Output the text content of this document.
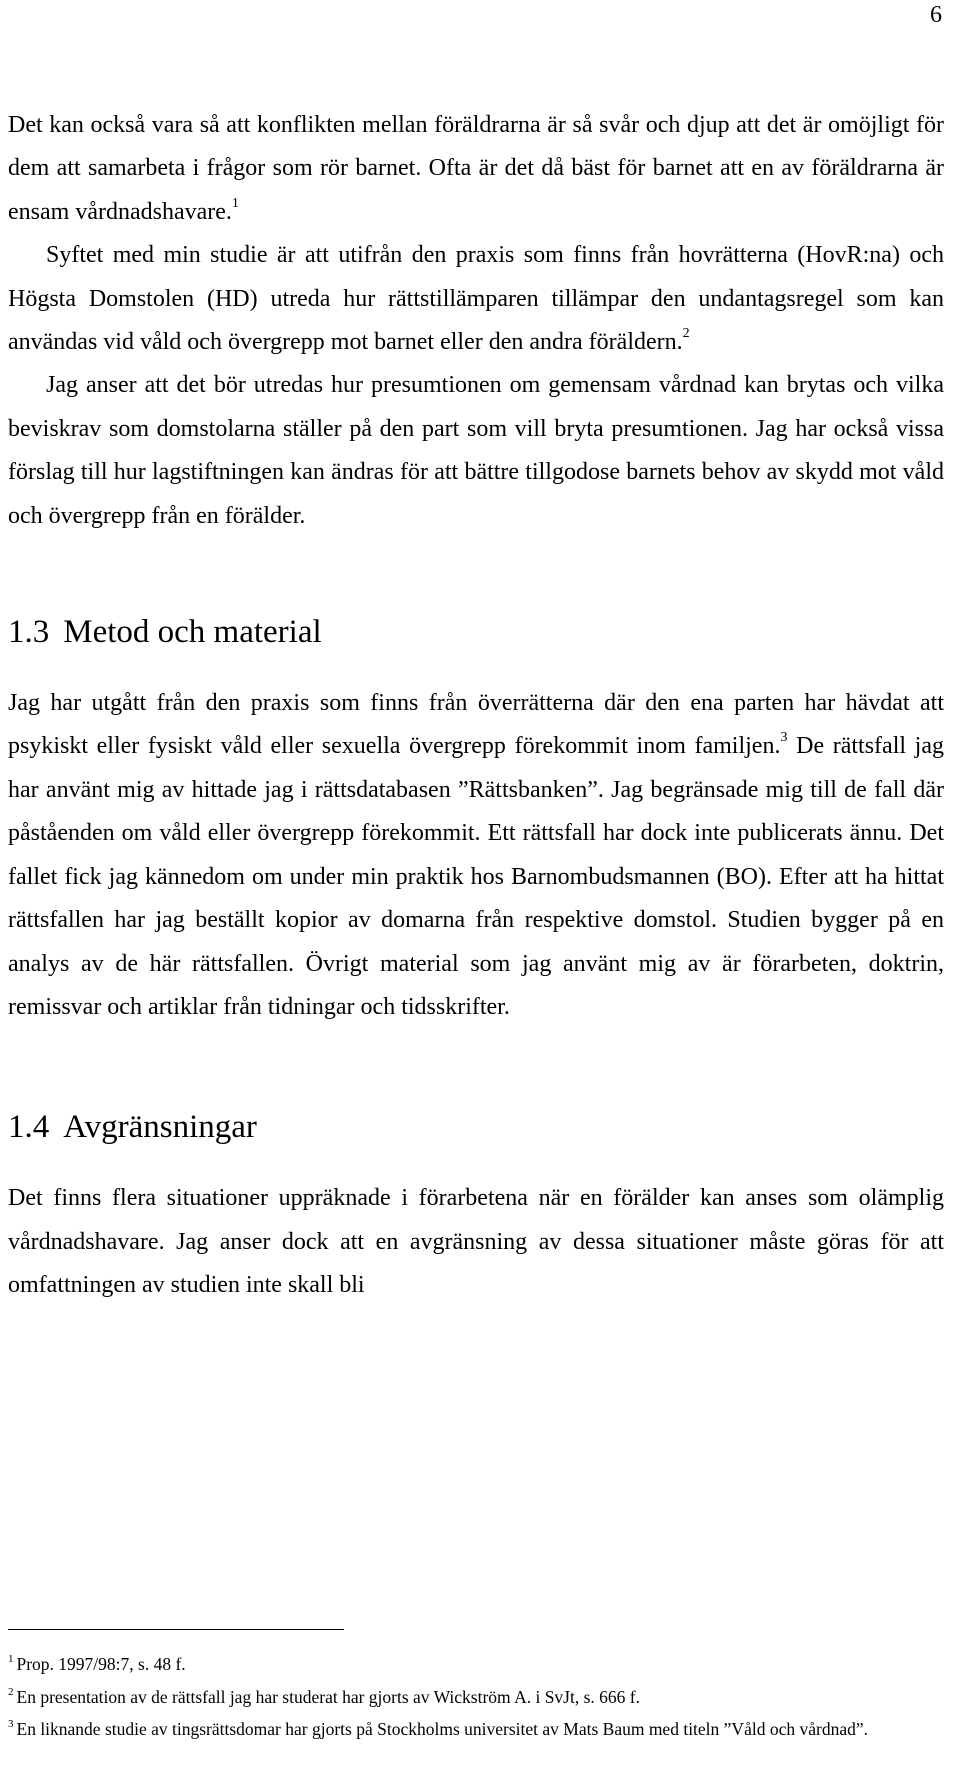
6

Det kan också vara så att konflikten mellan föräldrarna är så svår och djup att det är omöjligt för dem att samarbeta i frågor som rör barnet. Ofta är det då bäst för barnet att en av föräldrarna är ensam vårdnadshavare.$^1$

Syftet med min studie är att utifrån den praxis som finns från hovrätterna (HovR:na) och Högsta Domstolen (HD) utreda hur rättstillämparen tillämpar den undantagsregel som kan användas vid våld och övergrepp mot barnet eller den andra föräldern.$^2$

Jag anser att det bör utredas hur presumtionen om gemensam vårdnad kan brytas och vilka beviskrav som domstolarna ställer på den part som vill bryta presumtionen. Jag har också vissa förslag till hur lagstiftningen kan ändras för att bättre tillgodose barnets behov av skydd mot våld och övergrepp från en förälder.

1.3 Metod och material

Jag har utgått från den praxis som finns från överrätterna där den ena parten har hävdat att psykiskt eller fysiskt våld eller sexuella övergrepp förekommit inom familjen.$^3$ De rättsfall jag har använt mig av hittade jag i rättsdatabasen ”Rättsbanken”. Jag begränsade mig till de fall där påståenden om våld eller övergrepp förekommit. Ett rättsfall har dock inte publicerats ännu. Det fallet fick jag kännedom om under min praktik hos Barnombudsmannen (BO). Efter att ha hittat rättsfallen har jag beställt kopior av domarna från respektive domstol. Studien bygger på en analys av de här rättsfallen. Övrigt material som jag använt mig av är förarbeten, doktrin, remissvar och artiklar från tidningar och tidsskrifter.

1.4 Avgränsningar

Det finns flera situationer uppräknade i förarbetena när en förälder kan anses som olämplig vårdnadshavare. Jag anser dock att en avgränsning av dessa situationer måste göras för att omfattningen av studien inte skall bli

$^1$ Prop. 1997/98:7, s. 48 f.

$^2$ En presentation av de rättsfall jag har studerat har gjorts av Wickström A. i SvJt, s. 666 f.

$^3$ En liknande studie av tingsrättsdomar har gjorts på Stockholms universitet av Mats Baum med titeln ”Våld och vårdnad”.
